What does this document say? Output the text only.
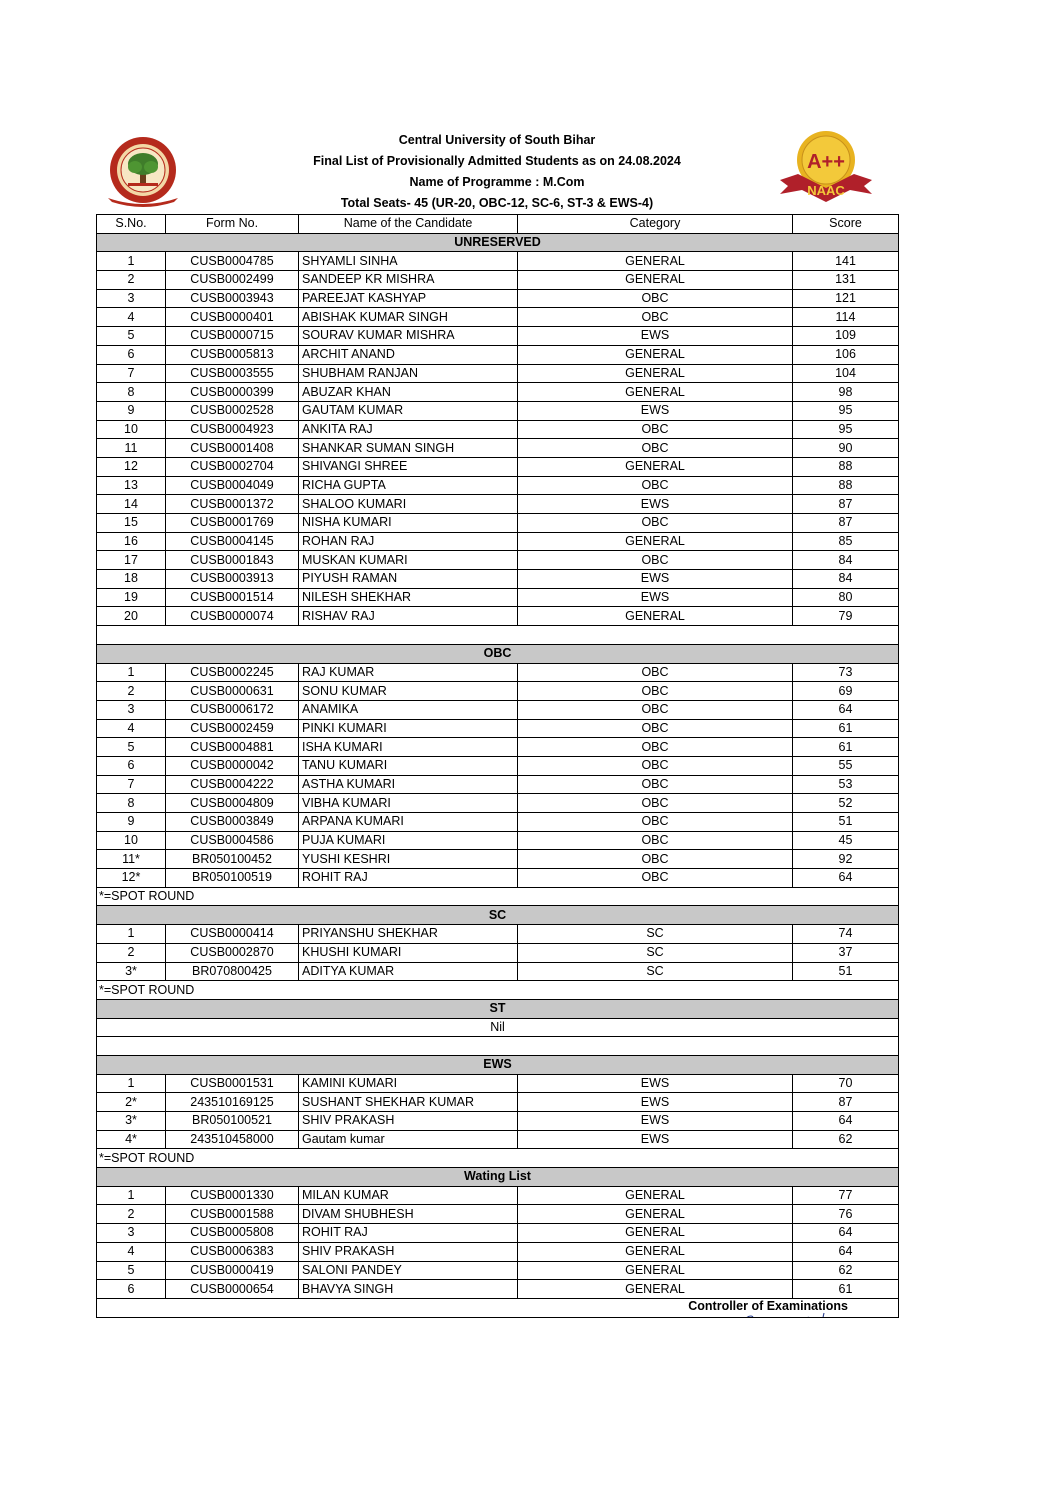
Central University of South Bihar
Final List of Provisionally Admitted Students as on 24.08.2024
Name of Programme : M.Com
Total Seats- 45 (UR-20, OBC-12, SC-6, ST-3 & EWS-4)
A++
NAAC
S.No.	Form No.	Name of the Candidate	Category	Score
UNRESERVED				
1	CUSB0004785	SHYAMLI SINHA	GENERAL	141
2	CUSB0002499	SANDEEP KR MISHRA	GENERAL	131
3	CUSB0003943	PAREEJAT KASHYAP	OBC	121
4	CUSB0000401	ABISHAK KUMAR SINGH	OBC	114
5	CUSB0000715	SOURAV KUMAR MISHRA	EWS	109
6	CUSB0005813	ARCHIT ANAND	GENERAL	106
7	CUSB0003555	SHUBHAM RANJAN	GENERAL	104
8	CUSB0000399	ABUZAR KHAN	GENERAL	98
9	CUSB0002528	GAUTAM KUMAR	EWS	95
10	CUSB0004923	ANKITA RAJ	OBC	95
11	CUSB0001408	SHANKAR SUMAN SINGH	OBC	90
12	CUSB0002704	SHIVANGI SHREE	GENERAL	88
13	CUSB0004049	RICHA GUPTA	OBC	88
14	CUSB0001372	SHALOO KUMARI	EWS	87
15	CUSB0001769	NISHA KUMARI	OBC	87
16	CUSB0004145	ROHAN RAJ	GENERAL	85
17	CUSB0001843	MUSKAN KUMARI	OBC	84
18	CUSB0003913	PIYUSH RAMAN	EWS	84
19	CUSB0001514	NILESH SHEKHAR	EWS	80
20	CUSB0000074	RISHAV RAJ	GENERAL	79

OBC				
1	CUSB0002245	RAJ KUMAR	OBC	73
2	CUSB0000631	SONU KUMAR	OBC	69
3	CUSB0006172	ANAMIKA	OBC	64
4	CUSB0002459	PINKI KUMARI	OBC	61
5	CUSB0004881	ISHA KUMARI	OBC	61
6	CUSB0000042	TANU KUMARI	OBC	55
7	CUSB0004222	ASTHA KUMARI	OBC	53
8	CUSB0004809	VIBHA KUMARI	OBC	52
9	CUSB0003849	ARPANA KUMARI	OBC	51
10	CUSB0004586	PUJA KUMARI	OBC	45
11*	BR050100452	YUSHI KESHRI	OBC	92
12*	BR050100519	ROHIT RAJ	OBC	64
*=SPOT ROUND				
SC				
1	CUSB0000414	PRIYANSHU SHEKHAR	SC	74
2	CUSB0002870	KHUSHI KUMARI	SC	37
3*	BR070800425	ADITYA KUMAR	SC	51
*=SPOT ROUND				
ST				
Nil				

EWS				
1	CUSB0001531	KAMINI KUMARI	EWS	70
2*	243510169125	SUSHANT SHEKHAR KUMAR	EWS	87
3*	BR050100521	SHIV PRAKASH	EWS	64
4*	243510458000	Gautam kumar	EWS	62
*=SPOT ROUND				
Wating List				
1	CUSB0001330	MILAN KUMAR	GENERAL	77
2	CUSB0001588	DIVAM SHUBHESH	GENERAL	76
3	CUSB0005808	ROHIT RAJ	GENERAL	64
4	CUSB0006383	SHIV PRAKASH	GENERAL	64
5	CUSB0000419	SALONI PANDEY	GENERAL	62
6	CUSB0000654	BHAVYA SINGH	GENERAL	61

Controller of Examinations				
